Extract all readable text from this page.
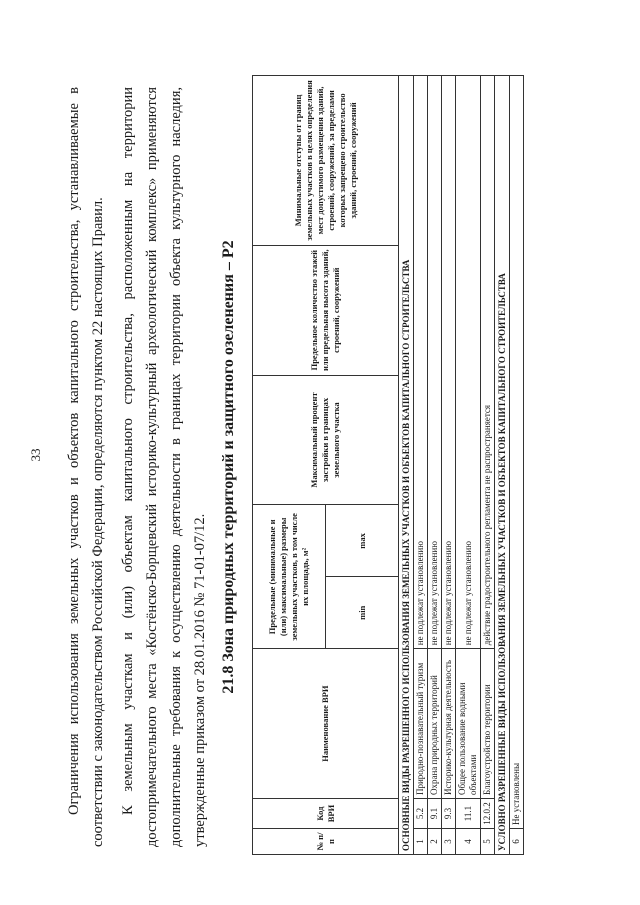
33 Ограничения использования земельных участков и объектов капитального строительства, устанавливаемые в соответствии с законодательством Российской Федерации, определяются пунктом 22 настоящих Правил. К земельным участкам и (или) объектам капитального строительства, расположенным на территории достопримечательного места «Костёнско-Борщевский историко-культурный археологический комплекс» применяются дополнительные требования к осуществлению деятельности в границах территории объекта культурного наследия, утвержденные приказом от 28.01.2016 № 71-01-07/12. 21.8 Зона природных территорий и защитного озеленения – Р2
№ п/п	Код ВРИ	Наименование ВРИ	Предельные (минимальные и (или) максимальные) размеры земельных участков, в том числе их площадь, м²		Максимальный процент застройки в границах земельного участка	Предельное количество этажей или предельная высота зданий, строений, сооружений	Минимальные отступы от границ земельных участков в целях определения мест допустимого размещения зданий, строений, сооружений, за пределами которых запрещено строительство зданий, строений, сооружений
			min	max			
ОСНОВНЫЕ ВИДЫ РАЗРЕШЕННОГО ИСПОЛЬЗОВАНИЯ ЗЕМЕЛЬНЫХ УЧАСТКОВ И ОБЪЕКТОВ КАПИТАЛЬНОГО СТРОИТЕЛЬСТВА							
1	5.2	Природно-познавательный туризм	не подлежат установлению				
2	9.1	Охрана природных территорий	не подлежат установлению				
3	9.3	Историко-культурная деятельность	не подлежат установлению				
4	11.1	Общее пользование водными объектами	не подлежат установлению				
5	12.0.2	Благоустройство территории	действие градостроительного регламента не распространяется				
УСЛОВНО РАЗРЕШЕННЫЕ ВИДЫ ИСПОЛЬЗОВАНИЯ ЗЕМЕЛЬНЫХ УЧАСТКОВ И ОБЪЕКТОВ КАПИТАЛЬНОГО СТРОИТЕЛЬСТВА							
6	Не установлены						
